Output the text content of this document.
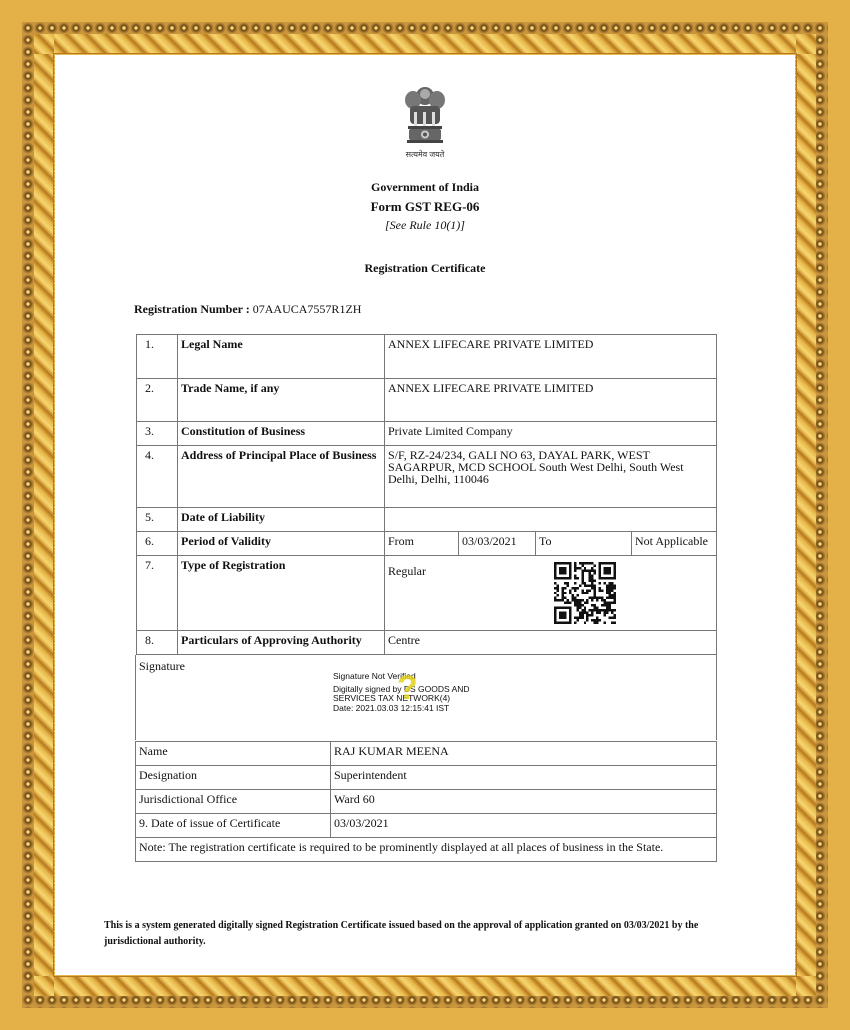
सत्यमेव जयते
Government of India
Form GST REG-06
[See Rule 10(1)]
Registration Certificate
Registration Number : 07AAUCA7557R1ZH
1.	Legal Name	ANNEX LIFECARE PRIVATE LIMITED			
2.	Trade Name, if any	ANNEX LIFECARE PRIVATE LIMITED			
3.	Constitution of Business	Private Limited Company			
4.	Address of Principal Place of Business	S/F, RZ-24/234, GALI NO 63, DAYAL PARK, WEST SAGARPUR, MCD SCHOOL South West Delhi, South West Delhi, Delhi, 110046			
5.	Date of Liability				
6.	Period of Validity	From	03/03/2021	To	Not Applicable
7.	Type of Registration	Regular			

8.	Particulars of Approving Authority	Centre			
Signature
Signature Not Verified
Digitally signed by DS GOODS AND
SERVICES TAX NETWORK(4)
Date: 2021.03.03 12:15:41 IST
?
Name	RAJ KUMAR MEENA
Designation	Superintendent
Jurisdictional Office	Ward 60
9. Date of issue of Certificate	03/03/2021
Note: The registration certificate is required to be prominently displayed at all places of business in the State.	
This is a system generated digitally signed Registration Certificate issued based on the approval of application granted on 03/03/2021 by the jurisdictional authority.
